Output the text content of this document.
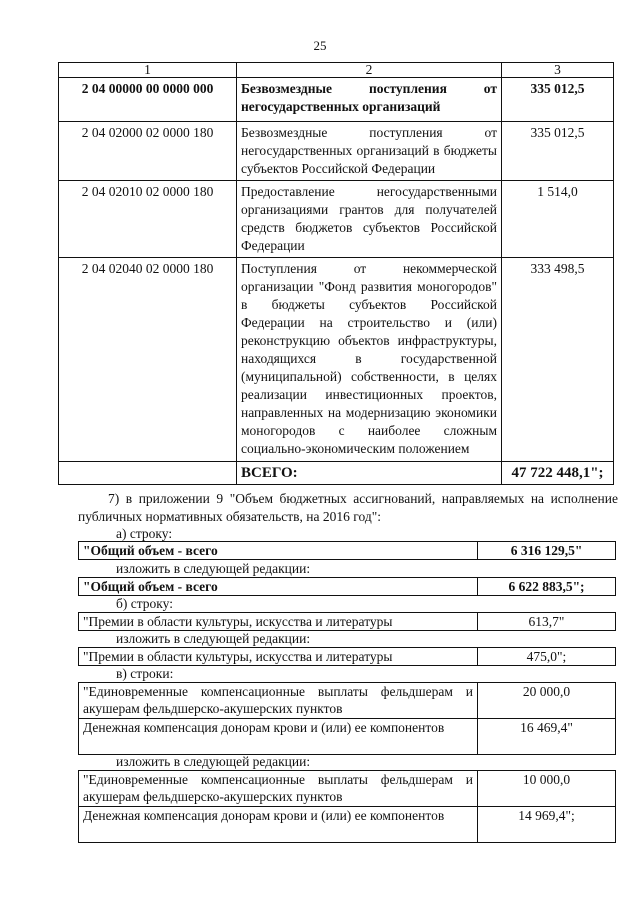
25
1	2	3
2 04 00000 00 0000 000	Безвозмездные поступления от негосударственных организаций	335 012,5
2 04 02000 02 0000 180	Безвозмездные поступления от негосударственных организаций в бюджеты субъектов Российской Федерации	335 012,5
2 04 02010 02 0000 180	Предоставление негосударственными организациями грантов для получателей средств бюджетов субъектов Российской Федерации	1 514,0
2 04 02040 02 0000 180	Поступления от некоммерческой организации "Фонд развития моногородов" в бюджеты субъектов Российской Федерации на строительство и (или) реконструкцию объектов инфраструктуры, находящихся в государственной (муниципальной) собственности, в целях реализации инвестиционных проектов, направленных на модернизацию экономики моногородов с наиболее сложным социально-экономическим положением	333 498,5
	ВСЕГО:	47 722 448,1";
7) в приложении 9 "Объем бюджетных ассигнований, направляемых на исполнение публичных нормативных обязательств, на 2016 год":
а) строку:
"Общий объем - всего	6 316 129,5"
изложить в следующей редакции:
"Общий объем - всего	6 622 883,5";
б) строку:
"Премии в области культуры, искусства и литературы	613,7"
изложить в следующей редакции:
"Премии в области культуры, искусства и литературы	475,0";
в) строки:
"Единовременные компенсационные выплаты фельдшерам и акушерам фельдшерско-акушерских пунктов	20 000,0
Денежная компенсация донорам крови и (или) ее компонентов	16 469,4"
изложить в следующей редакции:
"Единовременные компенсационные выплаты фельдшерам и акушерам фельдшерско-акушерских пунктов	10 000,0
Денежная компенсация донорам крови и (или) ее компонентов	14 969,4";
